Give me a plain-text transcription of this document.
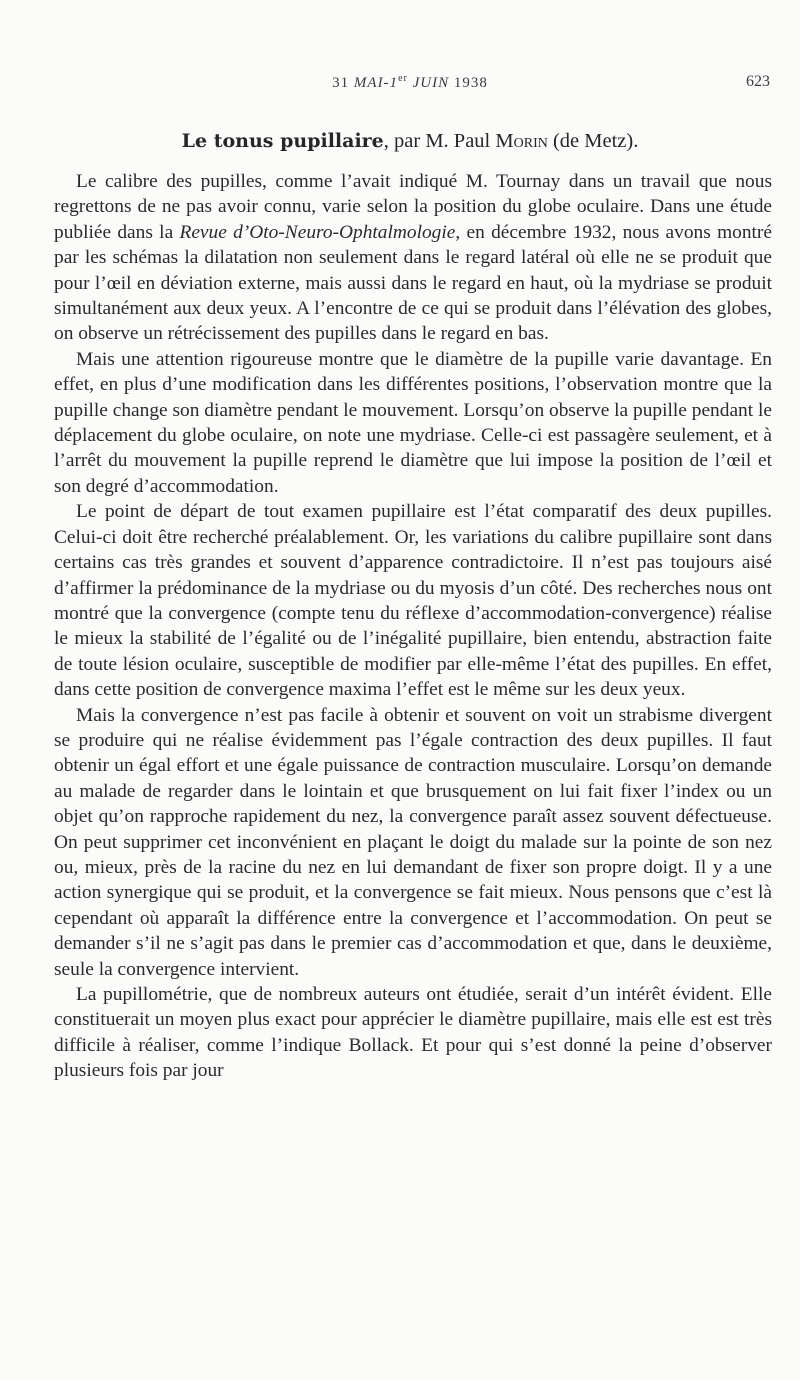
31 MAI-1er JUIN 1938	623
Le tonus pupillaire, par M. Paul Morin (de Metz).

Le calibre des pupilles, comme l’avait indiqué M. Tournay dans un travail que nous regrettons de ne pas avoir connu, varie selon la position du globe oculaire. Dans une étude publiée dans la Revue d’Oto-Neuro-Ophtalmologie, en décembre 1932, nous avons montré par les schémas la dilatation non seulement dans le regard latéral où elle ne se produit que pour l’œil en déviation externe, mais aussi dans le regard en haut, où la mydriase se produit simultanément aux deux yeux. A l’encontre de ce qui se produit dans l’élévation des globes, on observe un rétrécissement des pupilles dans le regard en bas.

Mais une attention rigoureuse montre que le diamètre de la pupille varie davantage. En effet, en plus d’une modification dans les différentes positions, l’observation montre que la pupille change son diamètre pendant le mouvement. Lorsqu’on observe la pupille pendant le déplacement du globe oculaire, on note une mydriase. Celle-ci est passagère seulement, et à l’arrêt du mouvement la pupille reprend le diamètre que lui impose la position de l’œil et son degré d’accommodation.

Le point de départ de tout examen pupillaire est l’état comparatif des deux pupilles. Celui-ci doit être recherché préalablement. Or, les variations du calibre pupillaire sont dans certains cas très grandes et souvent d’apparence contradictoire. Il n’est pas toujours aisé d’affirmer la prédominance de la mydriase ou du myosis d’un côté. Des recherches nous ont montré que la convergence (compte tenu du réflexe d’accommodation-convergence) réalise le mieux la stabilité de l’égalité ou de l’inégalité pupillaire, bien entendu, abstraction faite de toute lésion oculaire, susceptible de modifier par elle-même l’état des pupilles. En effet, dans cette position de convergence maxima l’effet est le même sur les deux yeux.

Mais la convergence n’est pas facile à obtenir et souvent on voit un strabisme divergent se produire qui ne réalise évidemment pas l’égale contraction des deux pupilles. Il faut obtenir un égal effort et une égale puissance de contraction musculaire. Lorsqu’on demande au malade de regarder dans le lointain et que brusquement on lui fait fixer l’index ou un objet qu’on rapproche rapidement du nez, la convergence paraît assez souvent défectueuse. On peut supprimer cet inconvénient en plaçant le doigt du malade sur la pointe de son nez ou, mieux, près de la racine du nez en lui demandant de fixer son propre doigt. Il y a une action synergique qui se produit, et la convergence se fait mieux. Nous pensons que c’est là cependant où apparaît la différence entre la convergence et l’accommodation. On peut se demander s’il ne s’agit pas dans le premier cas d’accommodation et que, dans le deuxième, seule la convergence intervient.

La pupillométrie, que de nombreux auteurs ont étudiée, serait d’un intérêt évident. Elle constituerait un moyen plus exact pour apprécier le diamètre pupillaire, mais elle est est très difficile à réaliser, comme l’indique Bollack. Et pour qui s’est donné la peine d’observer plusieurs fois par jour
